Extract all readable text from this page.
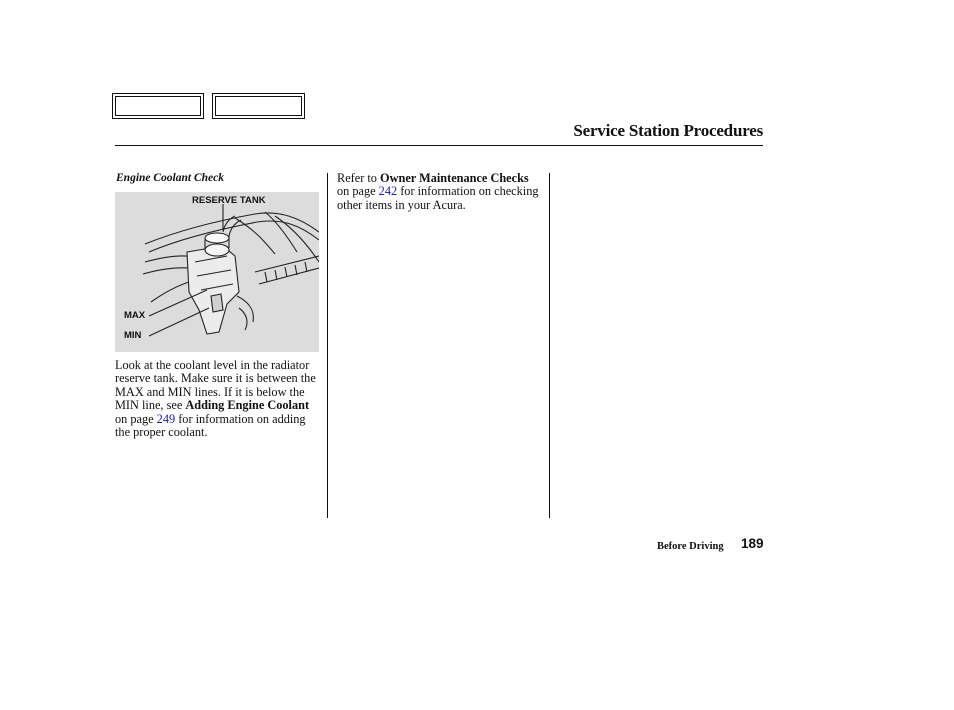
Service Station Procedures
Engine Coolant Check
RESERVE TANK
MAX
MIN
Look at the coolant level in the radiator reserve tank. Make sure it is between the MAX and MIN lines. If it is below the MIN line, see Adding Engine Coolant on page 249 for information on adding the proper coolant.
Refer to Owner Maintenance Checks on page 242 for information on checking other items in your Acura.
Before Driving 189
